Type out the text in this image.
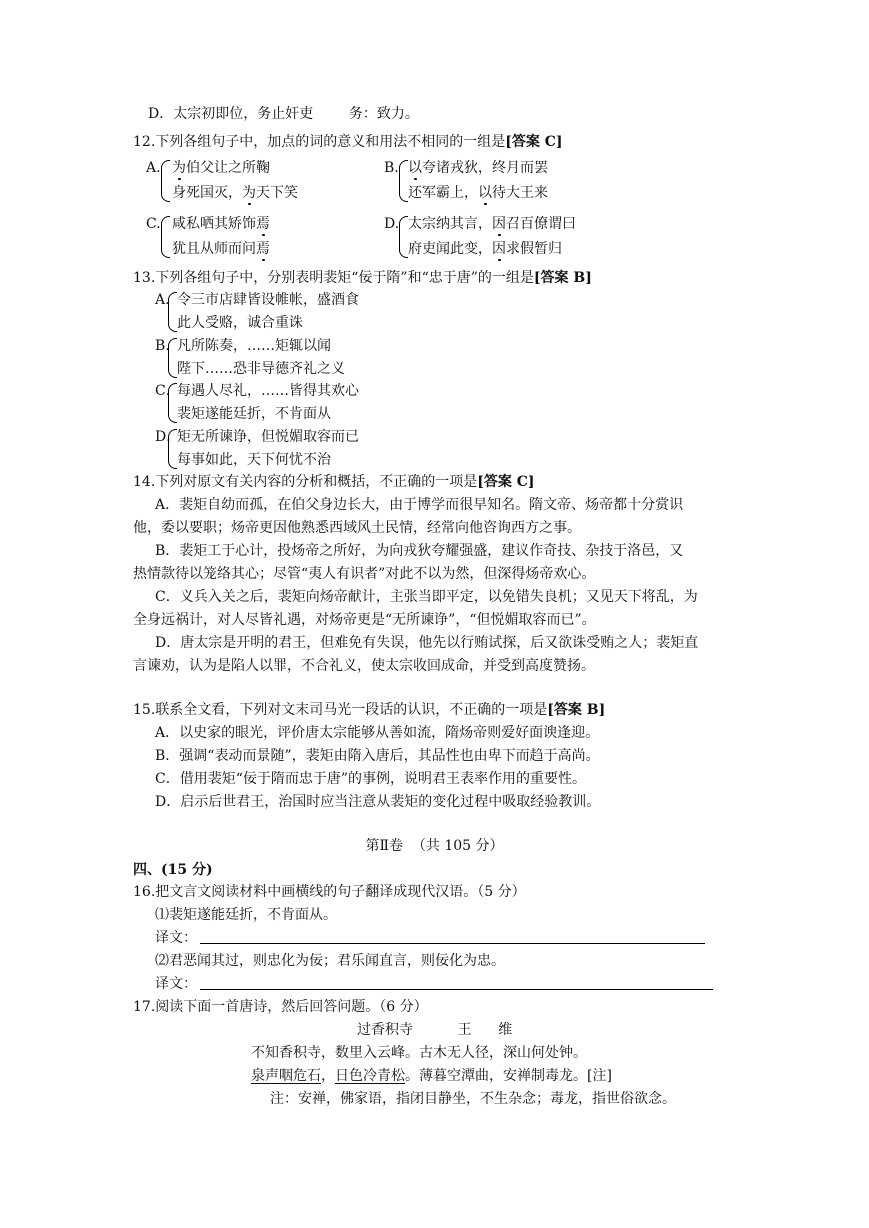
D．太宗初即位，务止奸吏        务：致力。
12.下列各组句子中，加点的词的意义和用法不相同的一组是[答案 C]
A. 为伯父让之所鞠
身死国灭，为天下笑
B. 以夸诸戎狄，终月而罢
还军霸上，以待大王来
C. 咸私哂其矫饰焉
犹且从师而问焉
D. 太宗纳其言，因召百僚谓曰
府吏闻此变，因求假暂归
13.下列各组句子中，分别表明裴矩“佞于隋”和“忠于唐”的一组是[答案 B]
A. 令三市店肆皆设帷帐，盛酒食
此人受赂，诚合重诛
B. 凡所陈奏，……矩辄以闻
陛下……恐非导德齐礼之义
C．
每遇人尽礼，……皆得其欢心
裴矩遂能廷折，不肯面从
D．
矩无所谏诤，但悦媚取容而已
每事如此，天下何忧不治
14.下列对原文有关内容的分析和概括，不正确的一项是[答案 C]
A．裴矩自幼而孤，在伯父身边长大，由于博学而很早知名。隋文帝、炀帝都十分赏识
他，委以要职；炀帝更因他熟悉西域风土民情，经常向他咨询西方之事。
B．裴矩工于心计，投炀帝之所好，为向戎狄夸耀强盛，建议作奇技、杂技于洛邑，又
热情款待以笼络其心；尽管“夷人有识者”对此不以为然，但深得炀帝欢心。
C．义兵入关之后，裴矩向炀帝献计，主张当即平定，以免错失良机；又见天下将乱，为
全身远祸计，对人尽皆礼遇，对炀帝更是“无所谏诤”，“但悦媚取容而已”。
D．唐太宗是开明的君王，但难免有失误，他先以行贿试探，后又欲诛受贿之人；裴矩直
言谏劝，认为是陷人以罪，不合礼义，使太宗收回成命，并受到高度赞扬。
15.联系全文看，下列对文末司马光一段话的认识，不正确的一项是[答案 B]
A．以史家的眼光，评价唐太宗能够从善如流，隋炀帝则爱好面谀逢迎。
B．强调“表动而景随”，裴矩由隋入唐后，其品性也由卑下而趋于高尚。
C．借用裴矩“佞于隋而忠于唐”的事例，说明君王表率作用的重要性。
D．启示后世君王，治国时应当注意从裴矩的变化过程中吸取经验教训。
第Ⅱ卷  （共 105 分）
四、(15 分)
16.把文言文阅读材料中画横线的句子翻译成现代汉语。（5 分）
⑴裴矩遂能廷折，不肯面从。
译文：
⑵君恶闻其过，则忠化为佞；君乐闻直言，则佞化为忠。
译文：
17.阅读下面一首唐诗，然后回答问题。（6 分）
过香积寺          王      维
不知香积寺，数里入云峰。古木无人径，深山何处钟。
泉声咽危石，日色冷青松。薄暮空潭曲，安禅制毒龙。[注]
注：安禅，佛家语，指闭目静坐，不生杂念；毒龙，指世俗欲念。
